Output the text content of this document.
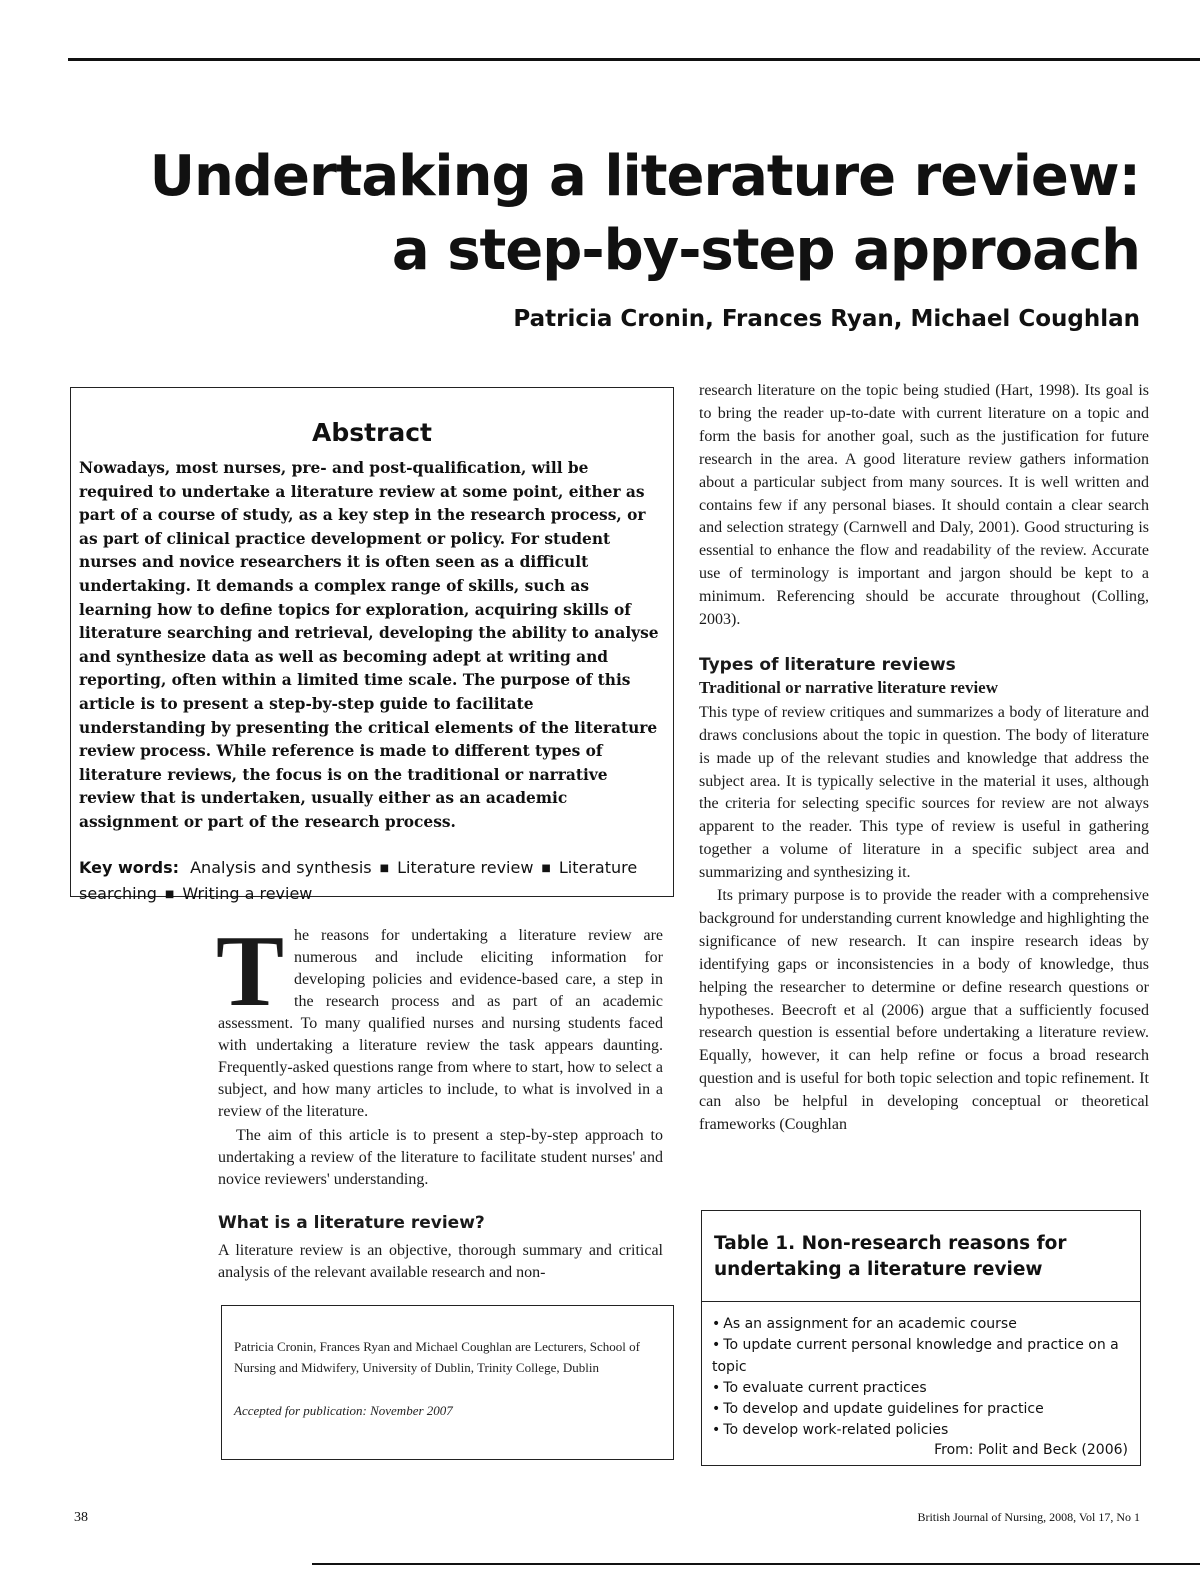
Undertaking a literature review:
a step-by-step approach
Patricia Cronin, Frances Ryan, Michael Coughlan
Abstract

Nowadays, most nurses, pre- and post-qualification, will be required to undertake a literature review at some point, either as part of a course of study, as a key step in the research process, or as part of clinical practice development or policy. For student nurses and novice researchers it is often seen as a difficult undertaking. It demands a complex range of skills, such as learning how to define topics for exploration, acquiring skills of literature searching and retrieval, developing the ability to analyse and synthesize data as well as becoming adept at writing and reporting, often within a limited time scale. The purpose of this article is to present a step-by-step guide to facilitate understanding by presenting the critical elements of the literature review process. While reference is made to different types of literature reviews, the focus is on the traditional or narrative review that is undertaken, usually either as an academic assignment or part of the research process.

Key words: Analysis and synthesis ■ Literature review ■ Literature searching ■ Writing a review

The reasons for undertaking a literature review are numerous and include eliciting information for developing policies and evidence-based care, a step in the research process and as part of an academic assessment. To many qualified nurses and nursing students faced with undertaking a literature review the task appears daunting. Frequently-asked questions range from where to start, how to select a subject, and how many articles to include, to what is involved in a review of the literature.

The aim of this article is to present a step-by-step approach to undertaking a review of the literature to facilitate student nurses' and novice reviewers' understanding.

What is a literature review?

A literature review is an objective, thorough summary and critical analysis of the relevant available research and non-

Patricia Cronin, Frances Ryan and Michael Coughlan are Lecturers, School of Nursing and Midwifery, University of Dublin, Trinity College, Dublin
Accepted for publication: November 2007

research literature on the topic being studied (Hart, 1998). Its goal is to bring the reader up-to-date with current literature on a topic and form the basis for another goal, such as the justification for future research in the area. A good literature review gathers information about a particular subject from many sources. It is well written and contains few if any personal biases. It should contain a clear search and selection strategy (Carnwell and Daly, 2001). Good structuring is essential to enhance the flow and readability of the review. Accurate use of terminology is important and jargon should be kept to a minimum. Referencing should be accurate throughout (Colling, 2003).

Types of literature reviews
Traditional or narrative literature review

This type of review critiques and summarizes a body of literature and draws conclusions about the topic in question. The body of literature is made up of the relevant studies and knowledge that address the subject area. It is typically selective in the material it uses, although the criteria for selecting specific sources for review are not always apparent to the reader. This type of review is useful in gathering together a volume of literature in a specific subject area and summarizing and synthesizing it.

Its primary purpose is to provide the reader with a comprehensive background for understanding current knowledge and highlighting the significance of new research. It can inspire research ideas by identifying gaps or inconsistencies in a body of knowledge, thus helping the researcher to determine or define research questions or hypotheses. Beecroft et al (2006) argue that a sufficiently focused research question is essential before undertaking a literature review. Equally, however, it can help refine or focus a broad research question and is useful for both topic selection and topic refinement. It can also be helpful in developing conceptual or theoretical frameworks (Coughlan

Table 1. Non-research reasons for undertaking a literature review
• As an assignment for an academic course
• To update current personal knowledge and practice on a topic
• To evaluate current practices
• To develop and update guidelines for practice
• To develop work-related policies
From: Polit and Beck (2006)
38	British Journal of Nursing, 2008, Vol 17, No 1
